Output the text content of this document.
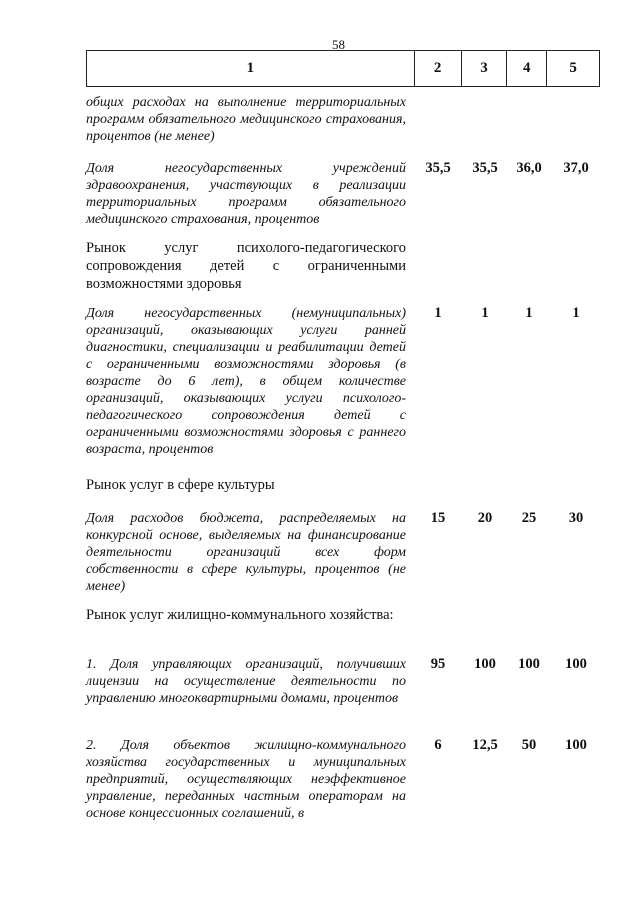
58
1	2	3	4	5
общих расходах на выполнение территориальных программ обязательного медицинского страхования, процентов (не менее)
Доля негосударственных учреждений здравоохранения, участвующих в реализации территориальных программ обязательного медицинского страхования, процентов
35,5	35,5	36,0	37,0
Рынок услуг психолого-педагогического сопровождения детей с ограниченными возможностями здоровья
Доля негосударственных (немуниципальных) организаций, оказывающих услуги ранней диагностики, специализации и реабилитации детей с ограниченными возможностями здоровья (в возрасте до 6 лет), в общем количестве организаций, оказывающих услуги психолого-педагогического сопровождения детей с ограниченными возможностями здоровья с раннего возраста, процентов
1	1	1	1
Рынок услуг в сфере культуры
Доля расходов бюджета, распределяемых на конкурсной основе, выделяемых на финансирование деятельности организаций всех форм собственности в сфере культуры, процентов (не менее)
15	20	25	30
Рынок услуг жилищно-коммунального хозяйства:
1. Доля управляющих организаций, получивших лицензии на осуществление деятельности по управлению многоквартирными домами, процентов
95	100	100	100
2. Доля объектов жилищно-коммунального хозяйства государственных и муниципальных предприятий, осуществляющих неэффективное управление, переданных частным операторам на основе концессионных соглашений, в
6	12,5	50	100
